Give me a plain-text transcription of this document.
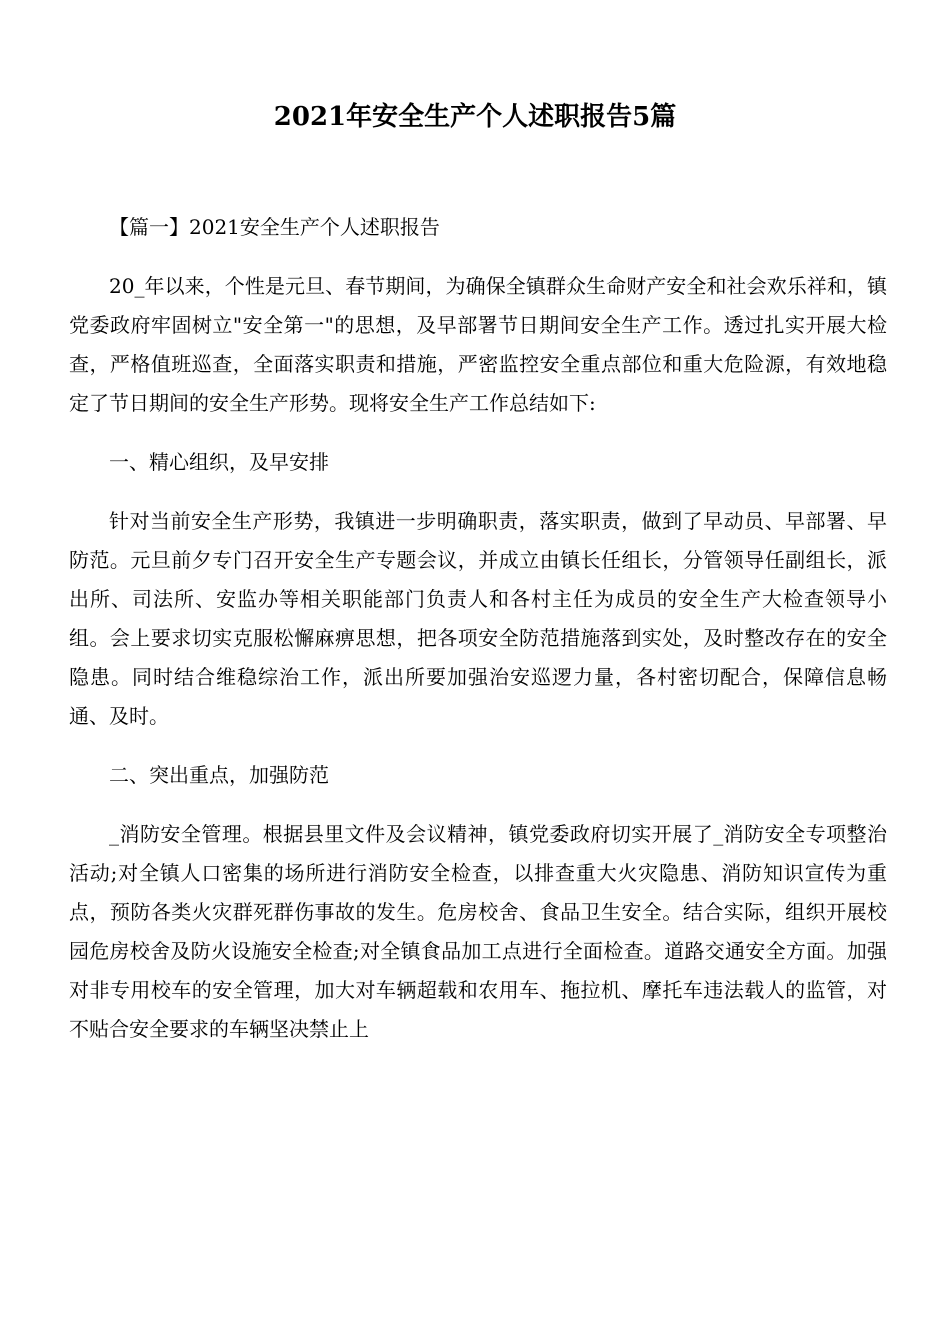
2021年安全生产个人述职报告5篇

【篇一】2021安全生产个人述职报告

20_年以来，个性是元旦、春节期间，为确保全镇群众生命财产安全和社会欢乐祥和，镇党委政府牢固树立"安全第一"的思想，及早部署节日期间安全生产工作。透过扎实开展大检查，严格值班巡查，全面落实职责和措施，严密监控安全重点部位和重大危险源，有效地稳定了节日期间的安全生产形势。现将安全生产工作总结如下:

一、精心组织，及早安排

针对当前安全生产形势，我镇进一步明确职责，落实职责，做到了早动员、早部署、早防范。元旦前夕专门召开安全生产专题会议，并成立由镇长任组长，分管领导任副组长，派出所、司法所、安监办等相关职能部门负责人和各村主任为成员的安全生产大检查领导小组。会上要求切实克服松懈麻痹思想，把各项安全防范措施落到实处，及时整改存在的安全隐患。同时结合维稳综治工作，派出所要加强治安巡逻力量，各村密切配合，保障信息畅通、及时。

二、突出重点，加强防范

_消防安全管理。根据县里文件及会议精神，镇党委政府切实开展了_消防安全专项整治活动;对全镇人口密集的场所进行消防安全检查，以排查重大火灾隐患、消防知识宣传为重点，预防各类火灾群死群伤事故的发生。危房校舍、食品卫生安全。结合实际，组织开展校园危房校舍及防火设施安全检查;对全镇食品加工点进行全面检查。道路交通安全方面。加强对非专用校车的安全管理，加大对车辆超载和农用车、拖拉机、摩托车违法载人的监管，对不贴合安全要求的车辆坚决禁止上
